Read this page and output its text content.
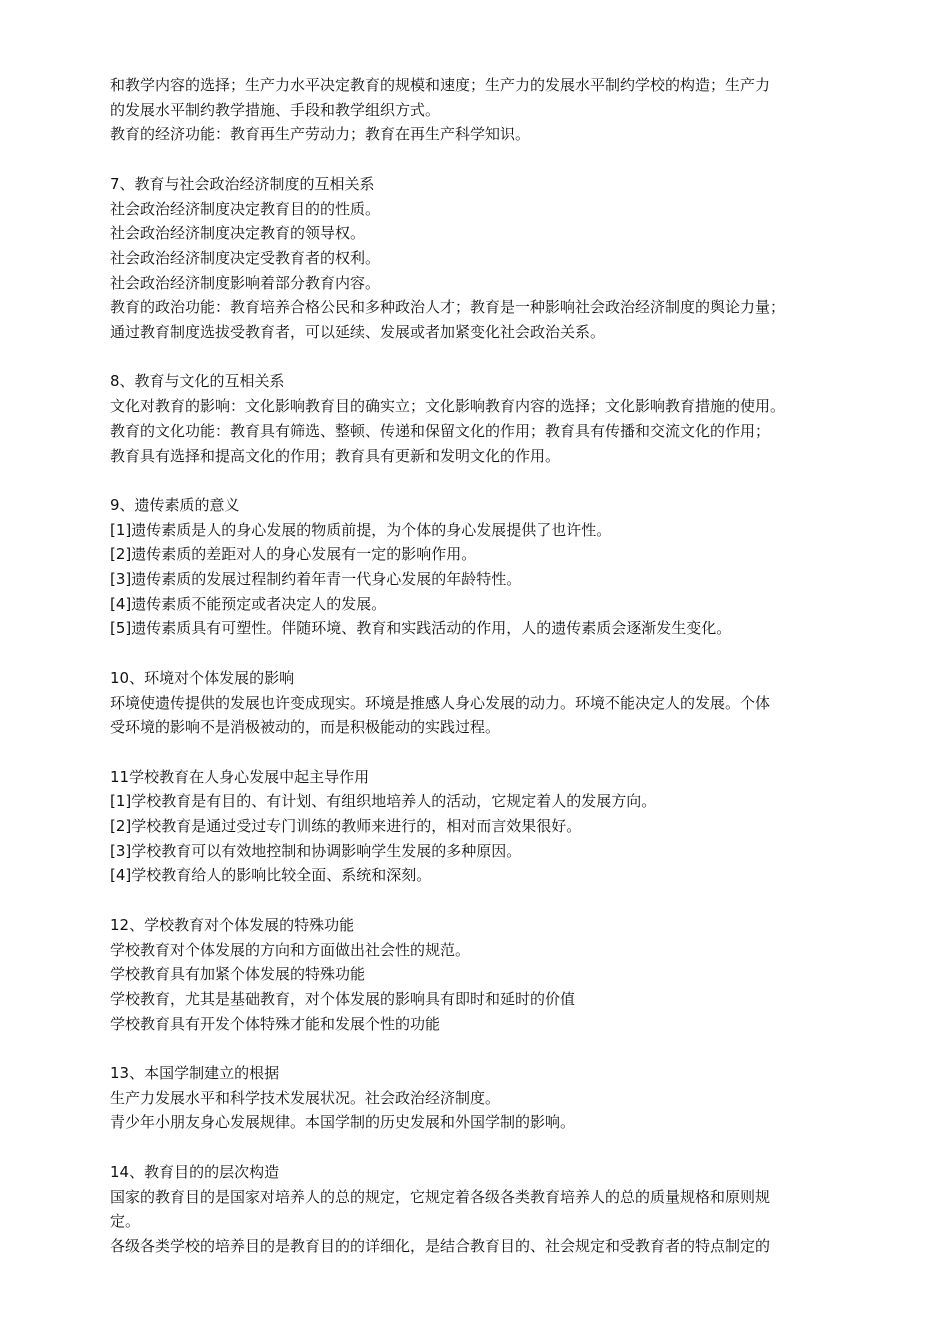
和教学内容的选择；生产力水平决定教育的规模和速度；生产力的发展水平制约学校的构造；生产力
的发展水平制约教学措施、手段和教学组织方式。
教育的经济功能：教育再生产劳动力；教育在再生产科学知识。
7、教育与社会政治经济制度的互相关系
社会政治经济制度决定教育目的的性质。
社会政治经济制度决定教育的领导权。
社会政治经济制度决定受教育者的权利。
社会政治经济制度影响着部分教育内容。
教育的政治功能：教育培养合格公民和多种政治人才；教育是一种影响社会政治经济制度的舆论力量；
通过教育制度选拔受教育者，可以延续、发展或者加紧变化社会政治关系。
8、教育与文化的互相关系
文化对教育的影响：文化影响教育目的确实立；文化影响教育内容的选择；文化影响教育措施的使用。
教育的文化功能：教育具有筛选、整顿、传递和保留文化的作用；教育具有传播和交流文化的作用；
教育具有选择和提高文化的作用；教育具有更新和发明文化的作用。
9、遗传素质的意义
[1]遗传素质是人的身心发展的物质前提，为个体的身心发展提供了也许性。
[2]遗传素质的差距对人的身心发展有一定的影响作用。
[3]遗传素质的发展过程制约着年青一代身心发展的年龄特性。
[4]遗传素质不能预定或者决定人的发展。
[5]遗传素质具有可塑性。伴随环境、教育和实践活动的作用，人的遗传素质会逐渐发生变化。
10、环境对个体发展的影响
环境使遗传提供的发展也许变成现实。环境是推感人身心发展的动力。环境不能决定人的发展。个体
受环境的影响不是消极被动的，而是积极能动的实践过程。
11学校教育在人身心发展中起主导作用
[1]学校教育是有目的、有计划、有组织地培养人的活动，它规定着人的发展方向。
[2]学校教育是通过受过专门训练的教师来进行的，相对而言效果很好。
[3]学校教育可以有效地控制和协调影响学生发展的多种原因。
[4]学校教育给人的影响比较全面、系统和深刻。
12、学校教育对个体发展的特殊功能
学校教育对个体发展的方向和方面做出社会性的规范。
学校教育具有加紧个体发展的特殊功能
学校教育，尤其是基础教育，对个体发展的影响具有即时和延时的价值
学校教育具有开发个体特殊才能和发展个性的功能
13、本国学制建立的根据
生产力发展水平和科学技术发展状况。社会政治经济制度。
青少年小朋友身心发展规律。本国学制的历史发展和外国学制的影响。
14、教育目的的层次构造
国家的教育目的是国家对培养人的总的规定，它规定着各级各类教育培养人的总的质量规格和原则规
定。
各级各类学校的培养目的是教育目的的详细化，是结合教育目的、社会规定和受教育者的特点制定的
